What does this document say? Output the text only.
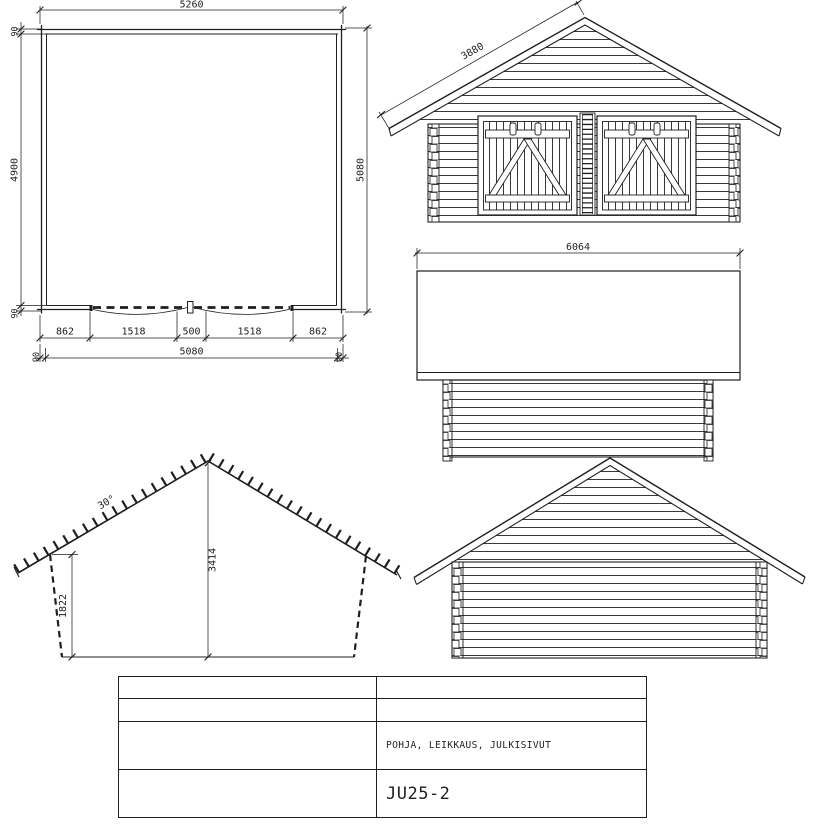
5260
90
4900
90
5080
862	1518	500	1518	862
5080
90	90
3880
6064
30°
3414
1822
POHJA, LEIKKAUS, JULKISIVUT
JU25-2
